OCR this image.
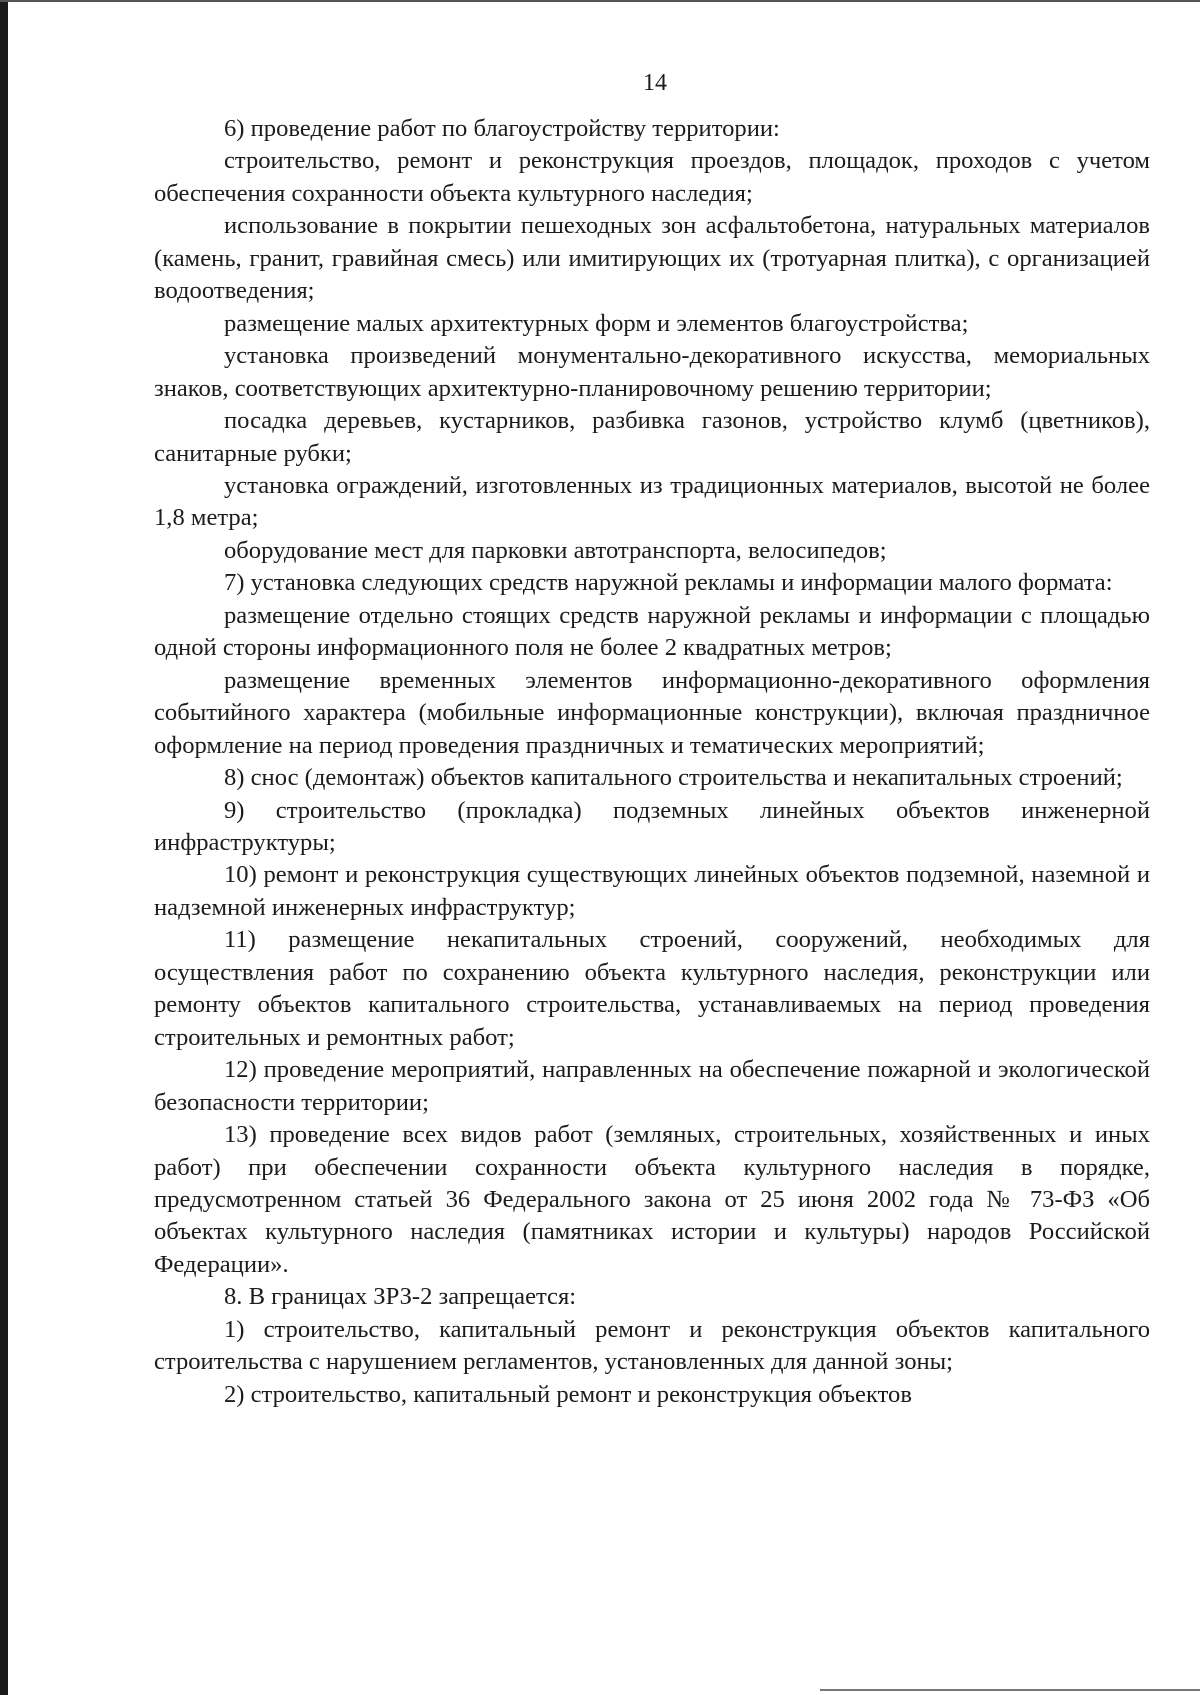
14

6) проведение работ по благоустройству территории:

строительство, ремонт и реконструкция проездов, площадок, проходов с учетом обеспечения сохранности объекта культурного наследия;

использование в покрытии пешеходных зон асфальтобетона, натуральных материалов (камень, гранит, гравийная смесь) или имитирующих их (тротуарная плитка), с организацией водоотведения;

размещение малых архитектурных форм и элементов благоустройства;

установка произведений монументально-декоративного искусства, мемориальных знаков, соответствующих архитектурно-планировочному решению территории;

посадка деревьев, кустарников, разбивка газонов, устройство клумб (цветников), санитарные рубки;

установка ограждений, изготовленных из традиционных материалов, высотой не более 1,8 метра;

оборудование мест для парковки автотранспорта, велосипедов;

7) установка следующих средств наружной рекламы и информации малого формата:

размещение отдельно стоящих средств наружной рекламы и информации с площадью одной стороны информационного поля не более 2 квадратных метров;

размещение временных элементов информационно-декоративного оформления событийного характера (мобильные информационные конструкции), включая праздничное оформление на период проведения праздничных и тематических мероприятий;

8) снос (демонтаж) объектов капитального строительства и некапитальных строений;

9) строительство (прокладка) подземных линейных объектов инженерной инфраструктуры;

10) ремонт и реконструкция существующих линейных объектов подземной, наземной и надземной инженерных инфраструктур;

11) размещение некапитальных строений, сооружений, необходимых для осуществления работ по сохранению объекта культурного наследия, реконструкции или ремонту объектов капитального строительства, устанавливаемых на период проведения строительных и ремонтных работ;

12) проведение мероприятий, направленных на обеспечение пожарной и экологической безопасности территории;

13) проведение всех видов работ (земляных, строительных, хозяйственных и иных работ) при обеспечении сохранности объекта культурного наследия в порядке, предусмотренном статьей 36 Федерального закона от 25 июня 2002 года № 73-ФЗ «Об объектах культурного наследия (памятниках истории и культуры) народов Российской Федерации».

8. В границах ЗРЗ-2 запрещается:

1) строительство, капитальный ремонт и реконструкция объектов капитального строительства с нарушением регламентов, установленных для данной зоны;

2) строительство, капитальный ремонт и реконструкция объектов
